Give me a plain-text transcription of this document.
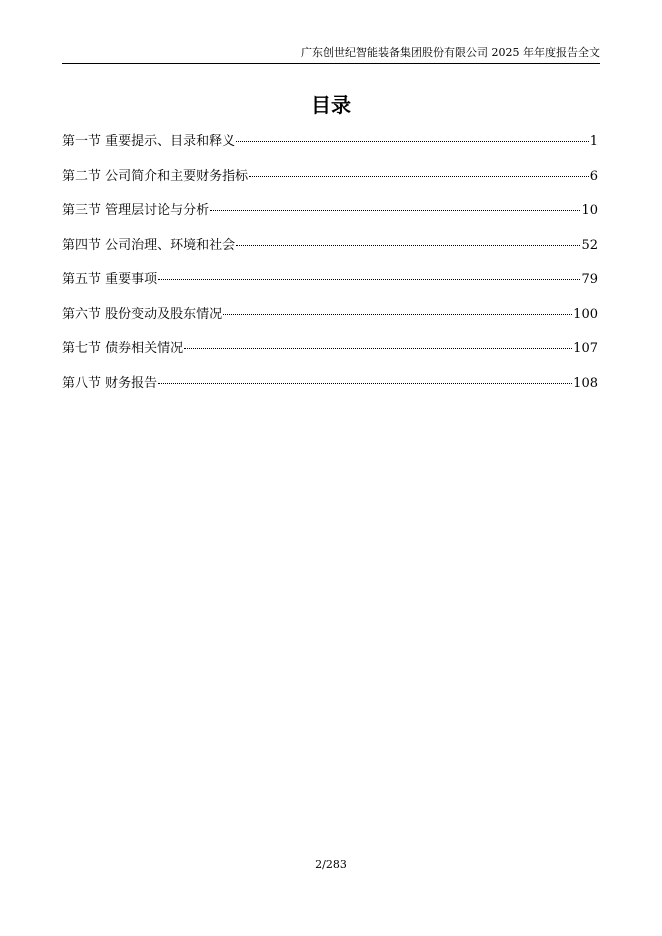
广东创世纪智能装备集团股份有限公司 2025 年年度报告全文
目录
第一节 重要提示、目录和释义	1
第二节 公司简介和主要财务指标	6
第三节 管理层讨论与分析	10
第四节 公司治理、环境和社会	52
第五节 重要事项	79
第六节 股份变动及股东情况	100
第七节 债券相关情况	107
第八节 财务报告	108
2/283
